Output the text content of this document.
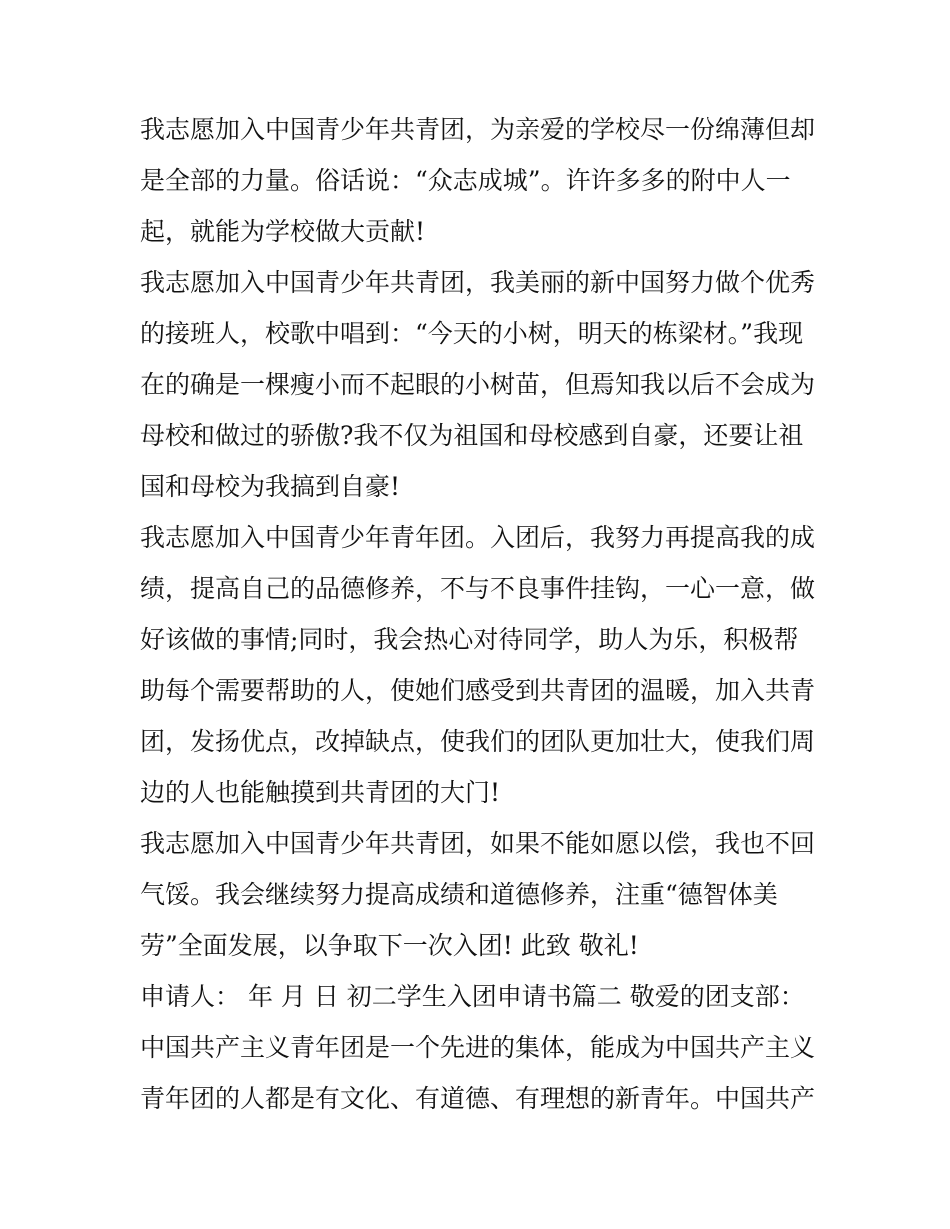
我志愿加入中国青少年共青团，为亲爱的学校尽一份绵薄但却
是全部的力量。俗话说：“众志成城”。许许多多的附中人一
起，就能为学校做大贡献!
我志愿加入中国青少年共青团，我美丽的新中国努力做个优秀
的接班人，校歌中唱到：“今天的小树，明天的栋梁材。”我现
在的确是一棵瘦小而不起眼的小树苗，但焉知我以后不会成为
母校和做过的骄傲?我不仅为祖国和母校感到自豪，还要让祖
国和母校为我搞到自豪!
我志愿加入中国青少年青年团。入团后，我努力再提高我的成
绩，提高自己的品德修养，不与不良事件挂钩，一心一意，做
好该做的事情;同时，我会热心对待同学，助人为乐，积极帮
助每个需要帮助的人，使她们感受到共青团的温暖，加入共青
团，发扬优点，改掉缺点，使我们的团队更加壮大，使我们周
边的人也能触摸到共青团的大门!
我志愿加入中国青少年共青团，如果不能如愿以偿，我也不回
气馁。我会继续努力提高成绩和道德修养，注重“德智体美
劳”全面发展，以争取下一次入团! 此致 敬礼!
申请人： 年 月 日 初二学生入团申请书篇二 敬爱的团支部：
中国共产主义青年团是一个先进的集体，能成为中国共产主义
青年团的人都是有文化、有道德、有理想的新青年。中国共产
